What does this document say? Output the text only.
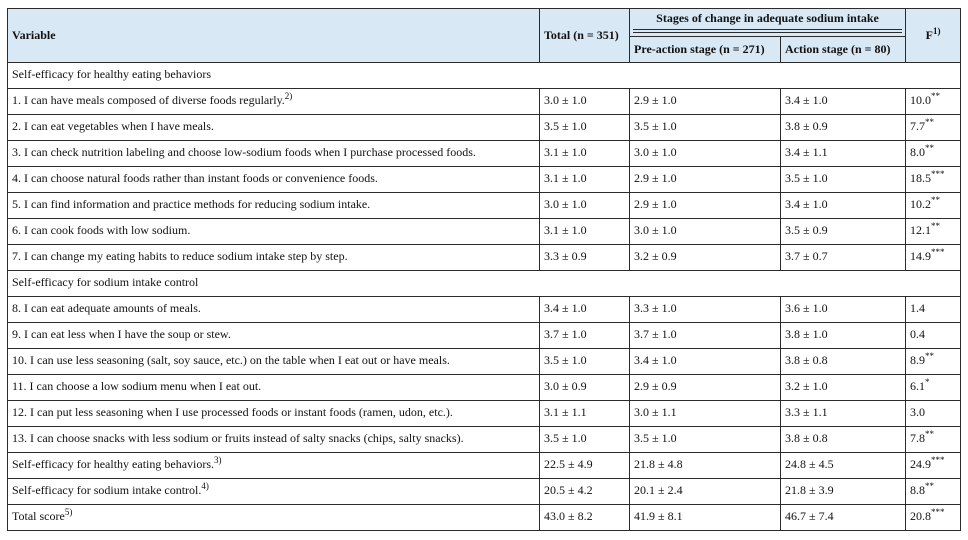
Variable	Total (n = 351)	Stages of change in adequate sodium intake		$F^{1)}$
		Pre-action stage (n = 271)	Action stage (n = 80)	
Self-efficacy for healthy eating behaviors				
1. I can have meals composed of diverse foods regularly.$^{2)}$	3.0 ± 1.0	2.9 ± 1.0	3.4 ± 1.0	10.0**
2. I can eat vegetables when I have meals.	3.5 ± 1.0	3.5 ± 1.0	3.8 ± 0.9	7.7**
3. I can check nutrition labeling and choose low-sodium foods when I purchase processed foods.	3.1 ± 1.0	3.0 ± 1.0	3.4 ± 1.1	8.0**
4. I can choose natural foods rather than instant foods or convenience foods.	3.1 ± 1.0	2.9 ± 1.0	3.5 ± 1.0	18.5***
5. I can find information and practice methods for reducing sodium intake.	3.0 ± 1.0	2.9 ± 1.0	3.4 ± 1.0	10.2**
6. I can cook foods with low sodium.	3.1 ± 1.0	3.0 ± 1.0	3.5 ± 0.9	12.1**
7. I can change my eating habits to reduce sodium intake step by step.	3.3 ± 0.9	3.2 ± 0.9	3.7 ± 0.7	14.9***
Self-efficacy for sodium intake control				
8. I can eat adequate amounts of meals.	3.4 ± 1.0	3.3 ± 1.0	3.6 ± 1.0	1.4
9. I can eat less when I have the soup or stew.	3.7 ± 1.0	3.7 ± 1.0	3.8 ± 1.0	0.4
10. I can use less seasoning (salt, soy sauce, etc.) on the table when I eat out or have meals.	3.5 ± 1.0	3.4 ± 1.0	3.8 ± 0.8	8.9**
11. I can choose a low sodium menu when I eat out.	3.0 ± 0.9	2.9 ± 0.9	3.2 ± 1.0	6.1*
12. I can put less seasoning when I use processed foods or instant foods (ramen, udon, etc.).	3.1 ± 1.1	3.0 ± 1.1	3.3 ± 1.1	3.0
13. I can choose snacks with less sodium or fruits instead of salty snacks (chips, salty snacks).	3.5 ± 1.0	3.5 ± 1.0	3.8 ± 0.8	7.8**
Self-efficacy for healthy eating behaviors.$^{3)}$	22.5 ± 4.9	21.8 ± 4.8	24.8 ± 4.5	24.9***
Self-efficacy for sodium intake control.$^{4)}$	20.5 ± 4.2	20.1 ± 2.4	21.8 ± 3.9	8.8**
Total score$^{5)}$	43.0 ± 8.2	41.9 ± 8.1	46.7 ± 7.4	20.8***
